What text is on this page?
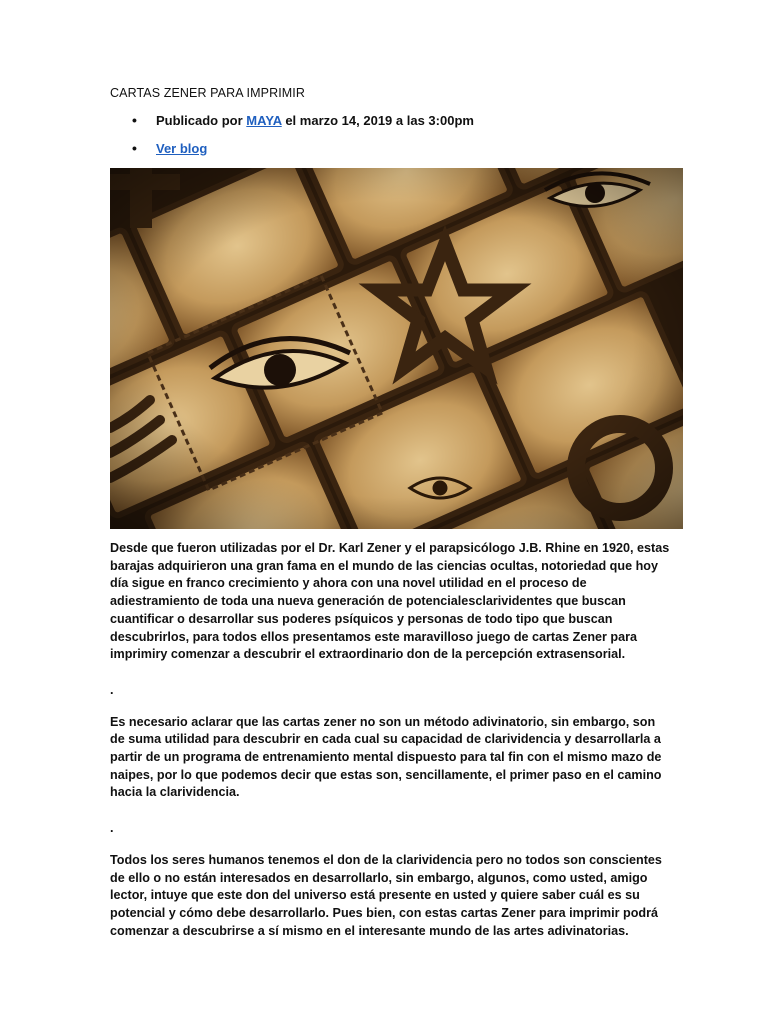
CARTAS ZENER PARA IMPRIMIR
• Publicado por MAYA el marzo 14, 2019 a las 3:00pm
• Ver blog

Desde que fueron utilizadas por el Dr. Karl Zener y el parapsicólogo J.B. Rhine en 1920, estas barajas adquirieron una gran fama en el mundo de las ciencias ocultas, notoriedad que hoy día sigue en franco crecimiento y ahora con una novel utilidad en el proceso de adiestramiento de toda una nueva generación de potencialesclarividentes que buscan cuantificar o desarrollar sus poderes psíquicos y personas de todo tipo que buscan descubrirlos, para todos ellos presentamos este maravilloso juego de cartas Zener para imprimiry comenzar a descubrir el extraordinario don de la percepción extrasensorial.

.

Es necesario aclarar que las cartas zener no son un método adivinatorio, sin embargo, son de suma utilidad para descubrir en cada cual su capacidad de clarividencia y desarrollarla a partir de un programa de entrenamiento mental dispuesto para tal fin con el mismo mazo de naipes, por lo que podemos decir que estas son, sencillamente, el primer paso en el camino hacia la clarividencia.

.

Todos los seres humanos tenemos el don de la clarividencia pero no todos son conscientes de ello o no están interesados en desarrollarlo, sin embargo, algunos, como usted, amigo lector, intuye que este don del universo está presente en usted y quiere saber cuál es su potencial y cómo debe desarrollarlo. Pues bien, con estas cartas Zener para imprimir podrá comenzar a descubrirse a sí mismo en el interesante mundo de las artes adivinatorias.
